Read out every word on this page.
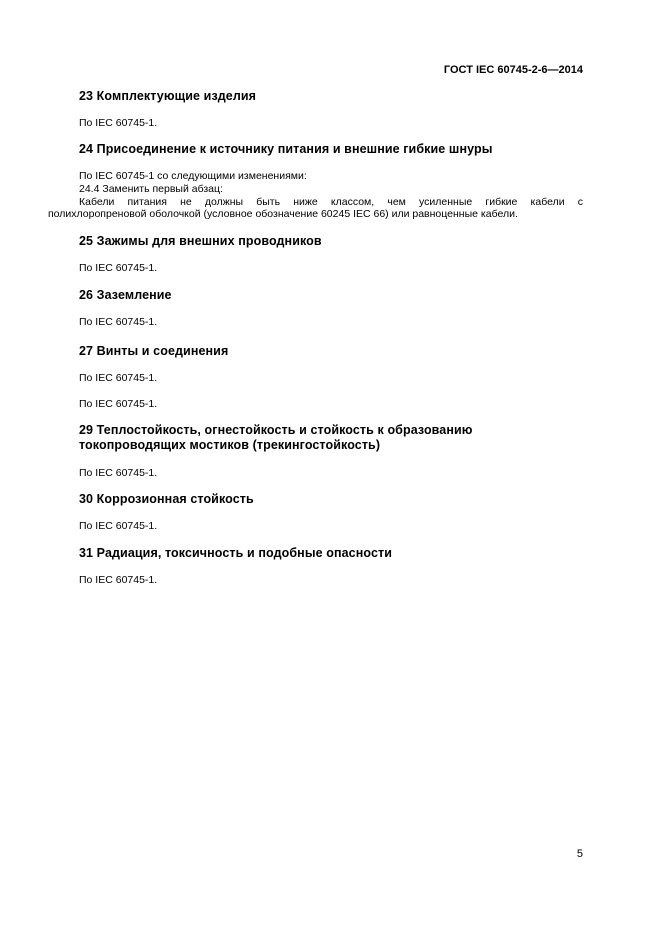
ГОСТ IEC 60745-2-6—2014
23 Комплектующие изделия
По IEC 60745-1.
24 Присоединение к источнику питания и внешние гибкие шнуры
По IEC 60745-1 со следующими изменениями:
24.4 Заменить первый абзац:
Кабели питания не должны быть ниже классом, чем усиленные гибкие кабели с
полихлоропреновой оболочкой (условное обозначение 60245 IEC 66) или равноценные кабели.
25 Зажимы для внешних проводников
По IEC 60745-1.
26 Заземление
По IEC 60745-1.
27 Винты и соединения
По IEC 60745-1.
По IEC 60745-1.
29 Теплостойкость, огнестойкость и стойкость к образованию
токопроводящих мостиков (трекингостойкость)
По IEC 60745-1.
30 Коррозионная стойкость
По IEC 60745-1.
31 Радиация, токсичность и подобные опасности
По IEC 60745-1.
5
